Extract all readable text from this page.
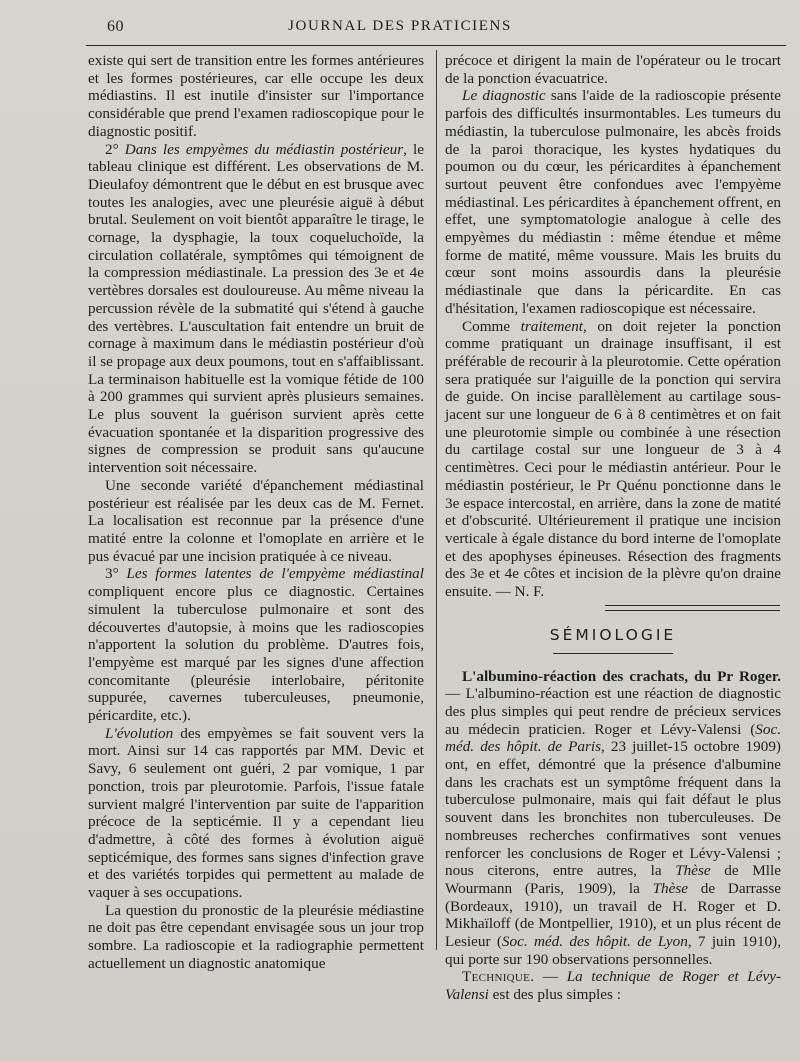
60	JOURNAL DES PRATICIENS

existe qui sert de transition entre les formes antérieures et les formes postérieures, car elle occupe les deux médiastins. Il est inutile d'insister sur l'importance considérable que prend l'examen radioscopique pour le diagnostic positif.

2° Dans les empyèmes du médiastin postérieur, le tableau clinique est différent. Les observations de M. Dieulafoy démontrent que le début en est brusque avec toutes les analogies, avec une pleurésie aiguë à début brutal. Seulement on voit bientôt apparaître le tirage, le cornage, la dysphagie, la toux coqueluchoïde, la circulation collatérale, symptômes qui témoignent de la compression médiastinale. La pression des 3e et 4e vertèbres dorsales est douloureuse. Au même niveau la percussion révèle de la submatité qui s'étend à gauche des vertèbres. L'auscultation fait entendre un bruit de cornage à maximum dans le médiastin postérieur d'où il se propage aux deux poumons, tout en s'affaiblissant. La terminaison habituelle est la vomique fétide de 100 à 200 grammes qui survient après plusieurs semaines. Le plus souvent la guérison survient après cette évacuation spontanée et la disparition progressive des signes de compression se produit sans qu'aucune intervention soit nécessaire.

Une seconde variété d'épanchement médiastinal postérieur est réalisée par les deux cas de M. Fernet. La localisation est reconnue par la présence d'une matité entre la colonne et l'omoplate en arrière et le pus évacué par une incision pratiquée à ce niveau.

3° Les formes latentes de l'empyème médiastinal compliquent encore plus ce diagnostic. Certaines simulent la tuberculose pulmonaire et sont des découvertes d'autopsie, à moins que les radioscopies n'apportent la solution du problème. D'autres fois, l'empyème est marqué par les signes d'une affection concomitante (pleurésie interlobaire, péritonite suppurée, cavernes tuberculeuses, pneumonie, péricardite, etc.).

L'évolution des empyèmes se fait souvent vers la mort. Ainsi sur 14 cas rapportés par MM. Devic et Savy, 6 seulement ont guéri, 2 par vomique, 1 par ponction, trois par pleurotomie. Parfois, l'issue fatale survient malgré l'intervention par suite de l'apparition précoce de la septicémie. Il y a cependant lieu d'admettre, à côté des formes à évolution aiguë septicémique, des formes sans signes d'infection grave et des variétés torpides qui permettent au malade de vaquer à ses occupations.

La question du pronostic de la pleurésie médiastine ne doit pas être cependant envisagée sous un jour trop sombre. La radioscopie et la radiographie permettent actuellement un diagnostic anatomique

précoce et dirigent la main de l'opérateur ou le trocart de la ponction évacuatrice.

Le diagnostic sans l'aide de la radioscopie présente parfois des difficultés insurmontables. Les tumeurs du médiastin, la tuberculose pulmonaire, les abcès froids de la paroi thoracique, les kystes hydatiques du poumon ou du cœur, les péricardites à épanchement surtout peuvent être confondues avec l'empyème médiastinal. Les péricardites à épanchement offrent, en effet, une symptomatologie analogue à celle des empyèmes du médiastin : même étendue et même forme de matité, même voussure. Mais les bruits du cœur sont moins assourdis dans la pleurésie médiastinale que dans la péricardite. En cas d'hésitation, l'examen radioscopique est nécessaire.

Comme traitement, on doit rejeter la ponction comme pratiquant un drainage insuffisant, il est préférable de recourir à la pleurotomie. Cette opération sera pratiquée sur l'aiguille de la ponction qui servira de guide. On incise parallèlement au cartilage sous-jacent sur une longueur de 6 à 8 centimètres et on fait une pleurotomie simple ou combinée à une résection du cartilage costal sur une longueur de 3 à 4 centimètres. Ceci pour le médiastin antérieur. Pour le médiastin postérieur, le Pr Quénu ponctionne dans le 3e espace intercostal, en arrière, dans la zone de matité et d'obscurité. Ultérieurement il pratique une incision verticale à égale distance du bord interne de l'omoplate et des apophyses épineuses. Résection des fragments des 3e et 4e côtes et incision de la plèvre qu'on draine ensuite. — N. F.

SÉMIOLOGIE

L'albumino-réaction des crachats, du Pr Roger. — L'albumino-réaction est une réaction de diagnostic des plus simples qui peut rendre de précieux services au médecin praticien. Roger et Lévy-Valensi (Soc. méd. des hôpit. de Paris, 23 juillet-15 octobre 1909) ont, en effet, démontré que la présence d'albumine dans les crachats est un symptôme fréquent dans la tuberculose pulmonaire, mais qui fait défaut le plus souvent dans les bronchites non tuberculeuses. De nombreuses recherches confirmatives sont venues renforcer les conclusions de Roger et Lévy-Valensi ; nous citerons, entre autres, la Thèse de Mlle Wourmann (Paris, 1909), la Thèse de Darrasse (Bordeaux, 1910), un travail de H. Roger et D. Mikhaïloff (de Montpellier, 1910), et un plus récent de Lesieur (Soc. méd. des hôpit. de Lyon, 7 juin 1910), qui porte sur 190 observations personnelles.

Technique. — La technique de Roger et Lévy-Valensi est des plus simples :
